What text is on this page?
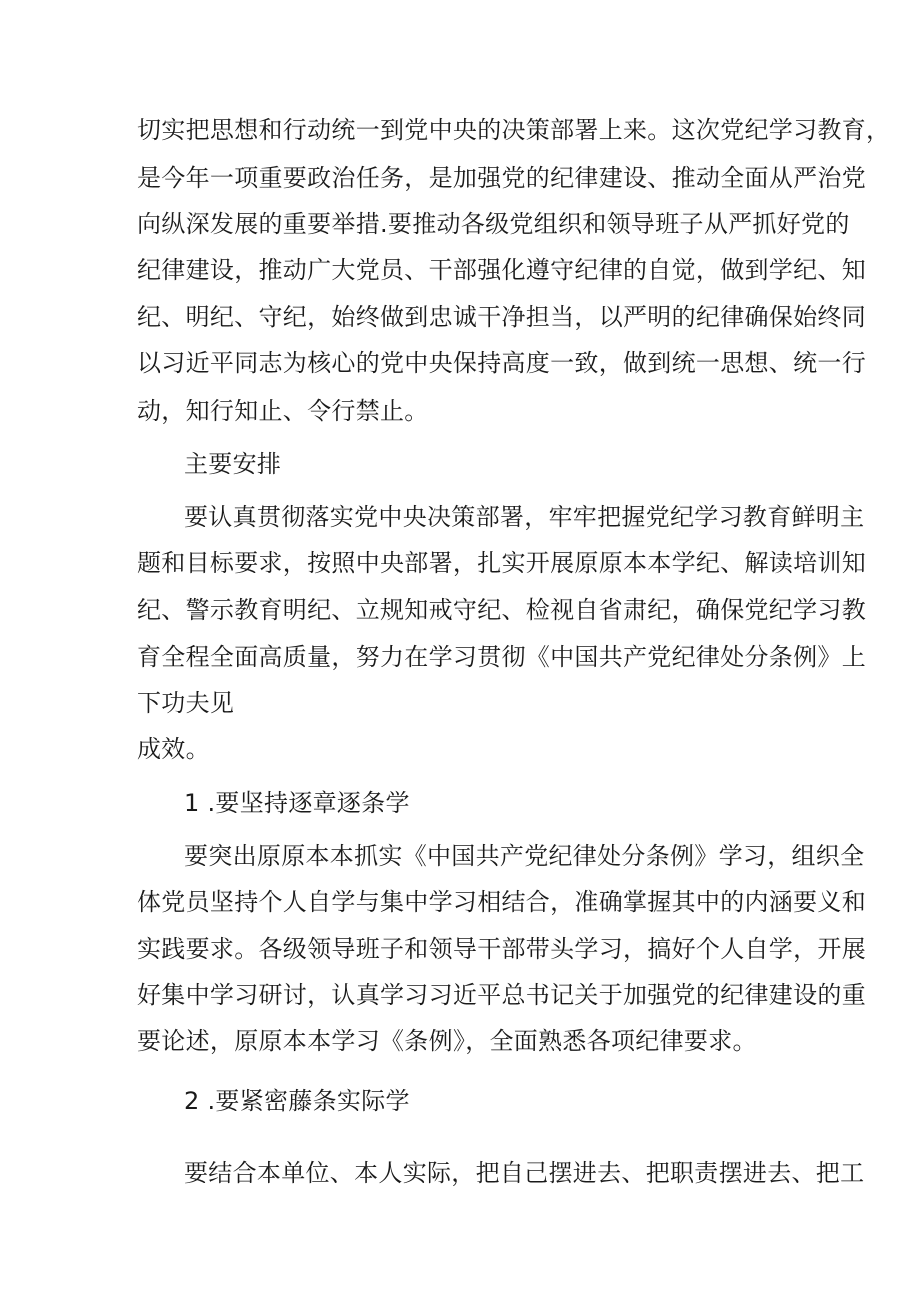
切实把思想和行动统一到党中央的决策部署上来。这次党纪学习教育，

是今年一项重要政治任务，是加强党的纪律建设、推动全面从严治党

向纵深发展的重要举措.要推动各级党组织和领导班子从严抓好党的

纪律建设，推动广大党员、干部强化遵守纪律的自觉，做到学纪、知

纪、明纪、守纪，始终做到忠诚干净担当，以严明的纪律确保始终同

以习近平同志为核心的党中央保持高度一致，做到统一思想、统一行

动，知行知止、令行禁止。

主要安排

要认真贯彻落实党中央决策部署，牢牢把握党纪学习教育鲜明主

题和目标要求，按照中央部署，扎实开展原原本本学纪、解读培训知

纪、警示教育明纪、立规知戒守纪、检视自省肃纪，确保党纪学习教

育全程全面高质量，努力在学习贯彻《中国共产党纪律处分条例》上

下功夫见

成效。

1 .要坚持逐章逐条学

要突出原原本本抓实《中国共产党纪律处分条例》学习，组织全

体党员坚持个人自学与集中学习相结合，准确掌握其中的内涵要义和

实践要求。各级领导班子和领导干部带头学习，搞好个人自学，开展

好集中学习研讨，认真学习习近平总书记关于加强党的纪律建设的重

要论述，原原本本学习《条例》，全面熟悉各项纪律要求。

2 .要紧密藤条实际学

要结合本单位、本人实际，把自己摆进去、把职责摆进去、把工
